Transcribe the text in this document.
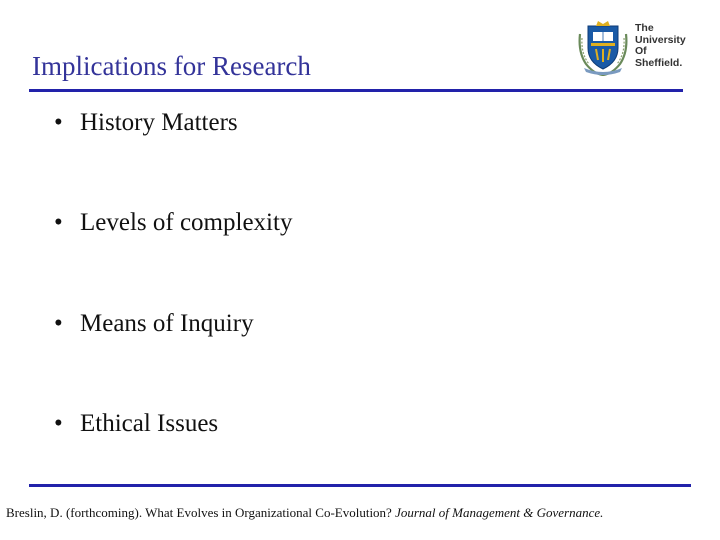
Implications for Research
The
University
Of
Sheffield.
• History Matters
• Levels of complexity
• Means of Inquiry
• Ethical Issues
Breslin, D. (forthcoming). What Evolves in Organizational Co-Evolution? Journal of Management & Governance.
